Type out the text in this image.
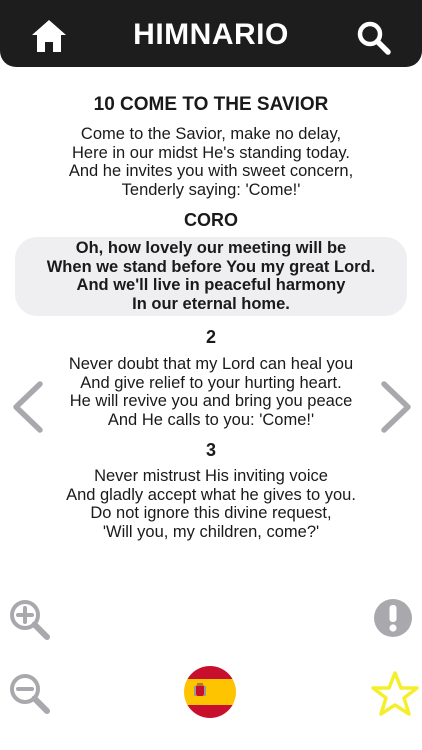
HIMNARIO
10 COME TO THE SAVIOR
Come to the Savior, make no delay,
Here in our midst He's standing today.
And he invites you with sweet concern,
Tenderly saying: 'Come!'
CORO
Oh, how lovely our meeting will be
When we stand before You my great Lord.
And we'll live in peaceful harmony
In our eternal home.
2
Never doubt that my Lord can heal you
And give relief to your hurting heart.
He will revive you and bring you peace
And He calls to you: 'Come!'
3
Never mistrust His inviting voice
And gladly accept what he gives to you.
Do not ignore this divine request,
'Will you, my children, come?'
